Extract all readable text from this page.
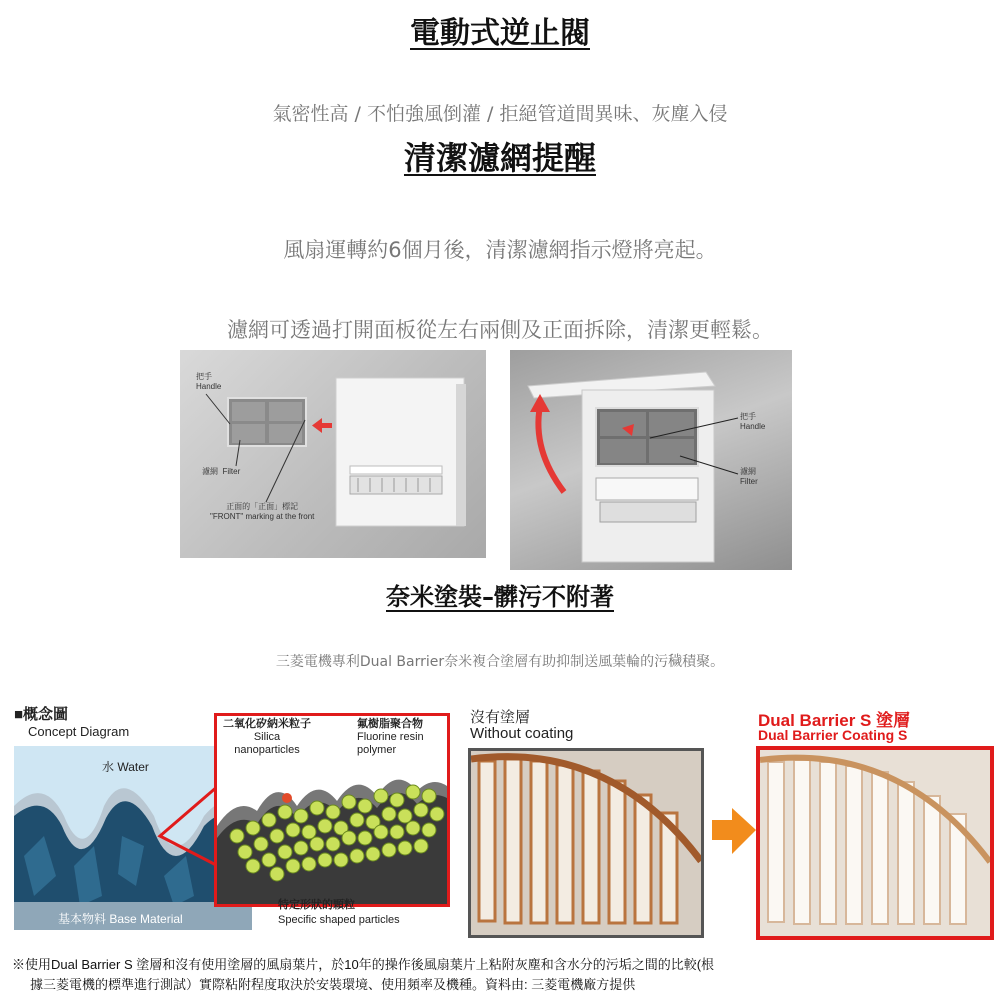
電動式逆止閥
氣密性高 / 不怕強風倒灌 / 拒絕管道間異味、灰塵入侵
清潔濾網提醒
風扇運轉約6個月後，清潔濾網指示燈將亮起。
濾網可透過打開面板從左右兩側及正面拆除，清潔更輕鬆。
把手
Handle
濾網 Filter
正面的「正面」標記
"FRONT" marking at the front
把手
Handle
濾網
Filter
奈米塗裝–髒污不附著
三菱電機專利Dual Barrier奈米複合塗層有助抑制送風葉輪的污穢積聚。
■概念圖
Concept Diagram
水 Water
基本物料 Base Material
二氧化矽納米粒子
Silica
nanoparticles
氟樹脂聚合物
Fluorine resin
polymer
特定形狀的顆粒
Specific shaped particles
沒有塗層
Without coating
Dual Barrier S 塗層
Dual Barrier Coating S
※使用Dual Barrier S 塗層和沒有使用塗層的風扇葉片，於10年的操作後風扇葉片上粘附灰塵和含水分的污垢之間的比較(根
據三菱電機的標準進行測試）實際粘附程度取決於安裝環境、使用頻率及機種。資料由: 三菱電機廠方提供
